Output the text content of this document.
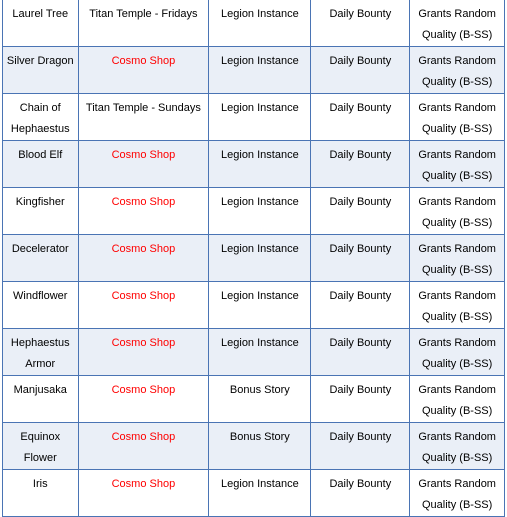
Laurel Tree	Titan Temple - Fridays	Legion Instance	Daily Bounty	Grants Random Quality (B-SS)
Silver Dragon	Cosmo Shop	Legion Instance	Daily Bounty	Grants Random Quality (B-SS)
Chain of Hephaestus	Titan Temple - Sundays	Legion Instance	Daily Bounty	Grants Random Quality (B-SS)
Blood Elf	Cosmo Shop	Legion Instance	Daily Bounty	Grants Random Quality (B-SS)
Kingfisher	Cosmo Shop	Legion Instance	Daily Bounty	Grants Random Quality (B-SS)
Decelerator	Cosmo Shop	Legion Instance	Daily Bounty	Grants Random Quality (B-SS)
Windflower	Cosmo Shop	Legion Instance	Daily Bounty	Grants Random Quality (B-SS)
Hephaestus Armor	Cosmo Shop	Legion Instance	Daily Bounty	Grants Random Quality (B-SS)
Manjusaka	Cosmo Shop	Bonus Story	Daily Bounty	Grants Random Quality (B-SS)
Equinox Flower	Cosmo Shop	Bonus Story	Daily Bounty	Grants Random Quality (B-SS)
Iris	Cosmo Shop	Legion Instance	Daily Bounty	Grants Random Quality (B-SS)
